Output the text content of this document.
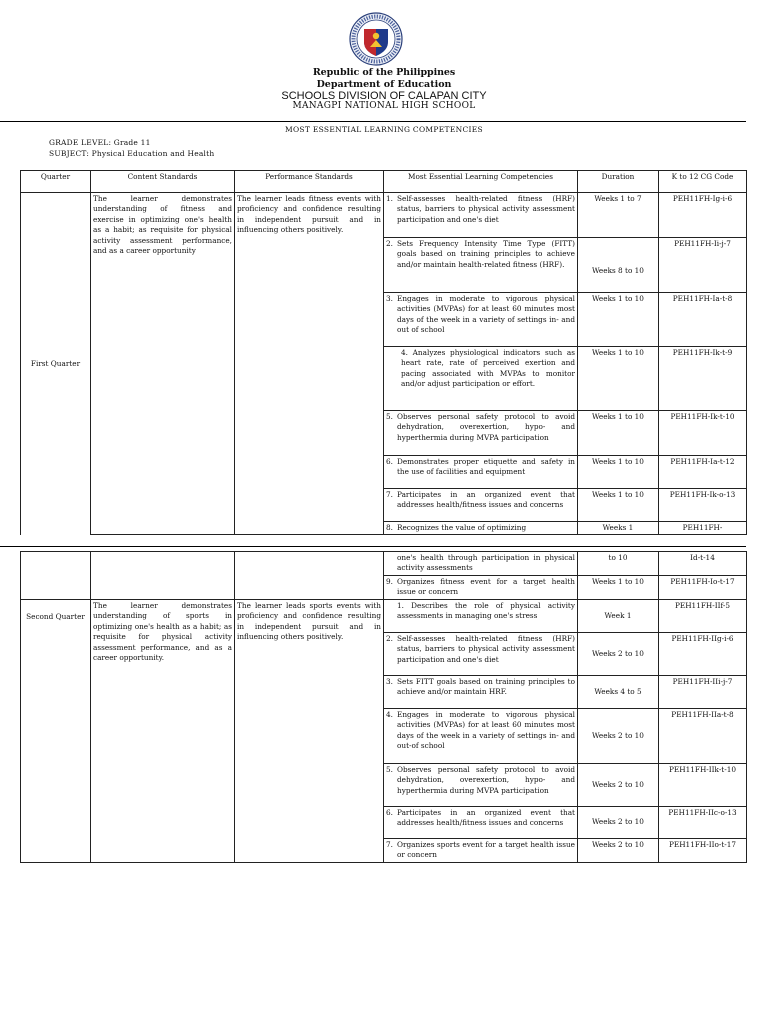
Republic of the Philippines
Department of Education
SCHOOLS DIVISION OF CALAPAN CITY
MANAGPI NATIONAL HIGH SCHOOL
MOST ESSENTIAL LEARNING COMPETENCIES
GRADE LEVEL: Grade 11
SUBJECT: Physical Education and Health
Quarter	Content Standards	Performance Standards	Most Essential Learning Competencies	Duration	K to 12 CG Code
First Quarter	The learner demonstrates understanding of fitness and exercise in optimizing one's health as a habit; as requisite for physical activity assessment performance, and as a career opportunity	The learner leads fitness events with proficiency and confidence resulting in independent pursuit and in influencing others positively.	1. Self-assesses health-related fitness (HRF) status, barriers to physical activity assessment participation and one's diet	Weeks 1 to 7	PEH11FH-Ig-i-6

			2. Sets Frequency Intensity Time Type (FITT) goals based on training principles to achieve and/or maintain health-related fitness (HRF).	Weeks 8 to 10	PEH11FH-Ii-j-7

			3. Engages in moderate to vigorous physical activities (MVPAs) for at least 60 minutes most days of the week in a variety of settings in- and out of school	Weeks 1 to 10	PEH11FH-Ia-t-8

			4. Analyzes physiological indicators such as heart rate, rate of perceived exertion and pacing associated with MVPAs to monitor and/or adjust participation or effort.	Weeks 1 to 10	PEH11FH-Ik-t-9

			5. Observes personal safety protocol to avoid dehydration, overexertion, hypo- and hyperthermia during MVPA participation	Weeks 1 to 10	PEH11FH-Ik-t-10

			6. Demonstrates proper etiquette and safety in the use of facilities and equipment	Weeks 1 to 10	PEH11FH-Ia-t-12

			7. Participates in an organized event that addresses health/fitness issues and concerns	Weeks 1 to 10	PEH11FH-Ik-o-13

			8. Recognizes the value of optimizing	Weeks 1	PEH11FH-

			one's health through participation in physical activity assessments	to 10	Id-t-14

			9. Organizes fitness event for a target health issue or concern	Weeks 1 to 10	PEH11FH-Io-t-17
Second Quarter	The learner demonstrates understanding of sports in optimizing one's health as a habit; as requisite for physical activity assessment performance, and as a career opportunity.	The learner leads sports events with proficiency and confidence resulting in independent pursuit and in influencing others positively.	1. Describes the role of physical activity assessments in managing one's stress	Week 1	PEH11FH-IIf-5

			2. Self-assesses health-related fitness (HRF) status, barriers to physical activity assessment participation and one's diet	Weeks 2 to 10	PEH11FH-IIg-i-6

			3. Sets FITT goals based on training principles to achieve and/or maintain HRF.	Weeks 4 to 5	PEH11FH-IIi-j-7

			4. Engages in moderate to vigorous physical activities (MVPAs) for at least 60 minutes most days of the week in a variety of settings in- and out-of school	Weeks 2 to 10	PEH11FH-IIa-t-8

			5. Observes personal safety protocol to avoid dehydration, overexertion, hypo- and hyperthermia during MVPA participation	Weeks 2 to 10	PEH11FH-IIk-t-10

			6. Participates in an organized event that addresses health/fitness issues and concerns	Weeks 2 to 10	PEH11FH-IIc-o-13

			7. Organizes sports event for a target health issue or concern	Weeks 2 to 10	PEH11FH-IIo-t-17
